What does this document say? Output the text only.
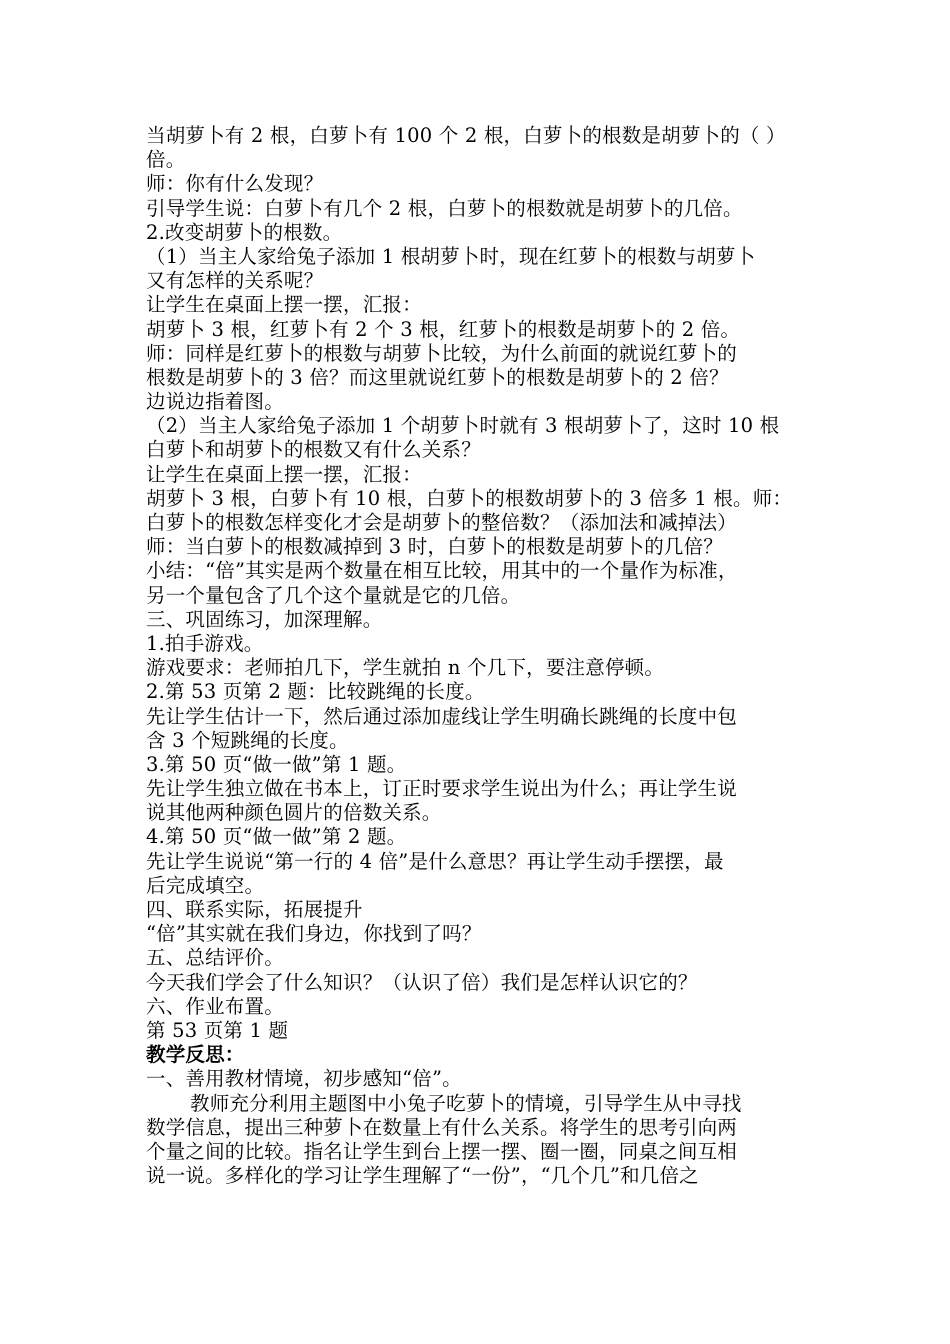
当胡萝卜有 2 根，白萝卜有 100 个 2 根，白萝卜的根数是胡萝卜的（ ）
倍。
师：你有什么发现？
引导学生说：白萝卜有几个 2 根，白萝卜的根数就是胡萝卜的几倍。
2.改变胡萝卜的根数。
（1）当主人家给兔子添加 1 根胡萝卜时，现在红萝卜的根数与胡萝卜
又有怎样的关系呢？
让学生在桌面上摆一摆，汇报：
胡萝卜 3 根，红萝卜有 2 个 3 根，红萝卜的根数是胡萝卜的 2 倍。
师：同样是红萝卜的根数与胡萝卜比较，为什么前面的就说红萝卜的
根数是胡萝卜的 3 倍？而这里就说红萝卜的根数是胡萝卜的 2 倍？
边说边指着图。
（2）当主人家给兔子添加 1 个胡萝卜时就有 3 根胡萝卜了，这时 10 根
白萝卜和胡萝卜的根数又有什么关系？
让学生在桌面上摆一摆，汇报：
胡萝卜 3 根，白萝卜有 10 根，白萝卜的根数胡萝卜的 3 倍多 1 根。师：
白萝卜的根数怎样变化才会是胡萝卜的整倍数？（添加法和减掉法）
师：当白萝卜的根数减掉到 3 时，白萝卜的根数是胡萝卜的几倍？
小结：“倍”其实是两个数量在相互比较，用其中的一个量作为标准，
另一个量包含了几个这个量就是它的几倍。
三、巩固练习，加深理解。
1.拍手游戏。
游戏要求：老师拍几下，学生就拍 n 个几下，要注意停顿。
2.第 53 页第 2 题：比较跳绳的长度。
先让学生估计一下，然后通过添加虚线让学生明确长跳绳的长度中包
含 3 个短跳绳的长度。
3.第 50 页“做一做”第 1 题。
先让学生独立做在书本上，订正时要求学生说出为什么；再让学生说
说其他两种颜色圆片的倍数关系。
4.第 50 页“做一做”第 2 题。
先让学生说说“第一行的 4 倍”是什么意思？再让学生动手摆摆，最
后完成填空。
四、联系实际，拓展提升
“倍”其实就在我们身边，你找到了吗？
五、总结评价。
今天我们学会了什么知识？（认识了倍）我们是怎样认识它的？
六、作业布置。
第 53 页第 1 题
教学反思：
一、善用教材情境，初步感知“倍”。
教师充分利用主题图中小兔子吃萝卜的情境，引导学生从中寻找
数学信息，提出三种萝卜在数量上有什么关系。将学生的思考引向两
个量之间的比较。指名让学生到台上摆一摆、圈一圈，同桌之间互相
说一说。多样化的学习让学生理解了“一份”，“几个几”和几倍之
